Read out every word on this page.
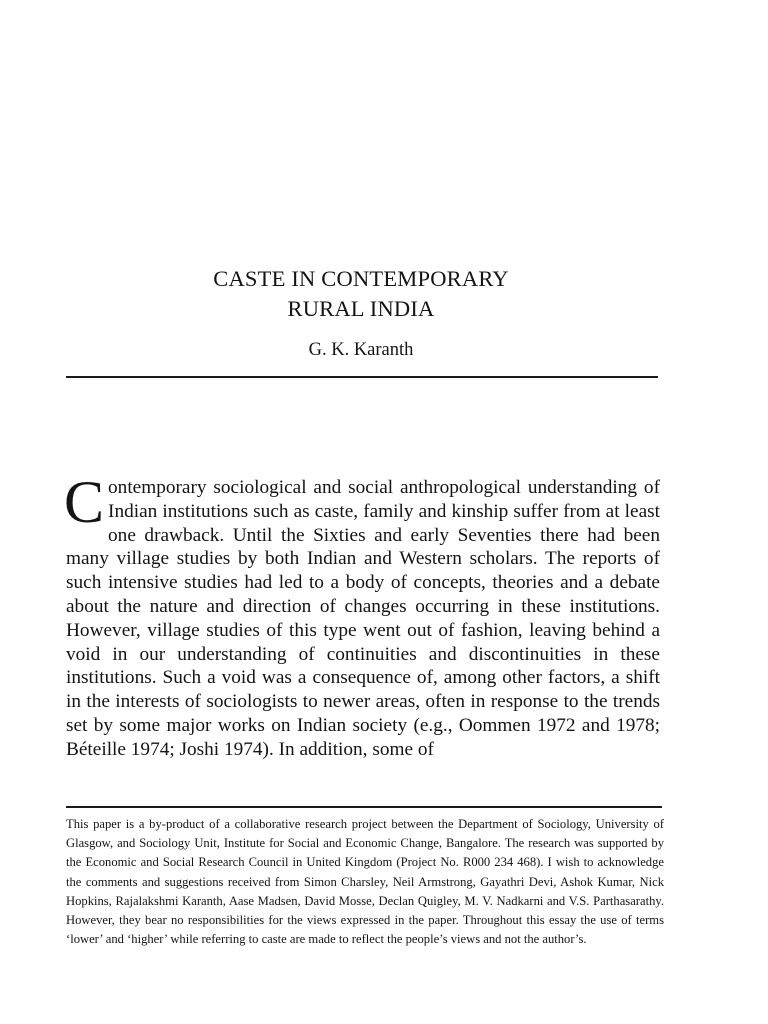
CASTE IN CONTEMPORARY
RURAL INDIA
G. K. Karanth

Contemporary sociological and social anthropological understanding of Indian institutions such as caste, family and kinship suffer from at least one drawback. Until the Sixties and early Seventies there had been many village studies by both Indian and Western scholars. The reports of such intensive studies had led to a body of concepts, theories and a debate about the nature and direction of changes occurring in these institutions. However, village studies of this type went out of fashion, leaving behind a void in our understanding of continuities and discontinuities in these institutions. Such a void was a consequence of, among other factors, a shift in the interests of sociologists to newer areas, often in response to the trends set by some major works on Indian society (e.g., Oommen 1972 and 1978; Béteille 1974; Joshi 1974). In addition, some of

This paper is a by-product of a collaborative research project between the Department of Sociology, University of Glasgow, and Sociology Unit, Institute for Social and Economic Change, Bangalore. The research was supported by the Economic and Social Research Council in United Kingdom (Project No. R000 234 468). I wish to acknowledge the comments and suggestions received from Simon Charsley, Neil Armstrong, Gayathri Devi, Ashok Kumar, Nick Hopkins, Rajalakshmi Karanth, Aase Madsen, David Mosse, Declan Quigley, M. V. Nadkarni and V.S. Parthasarathy. However, they bear no responsibilities for the views expressed in the paper. Throughout this essay the use of terms ‘lower’ and ‘higher’ while referring to caste are made to reflect the people’s views and not the author’s.
